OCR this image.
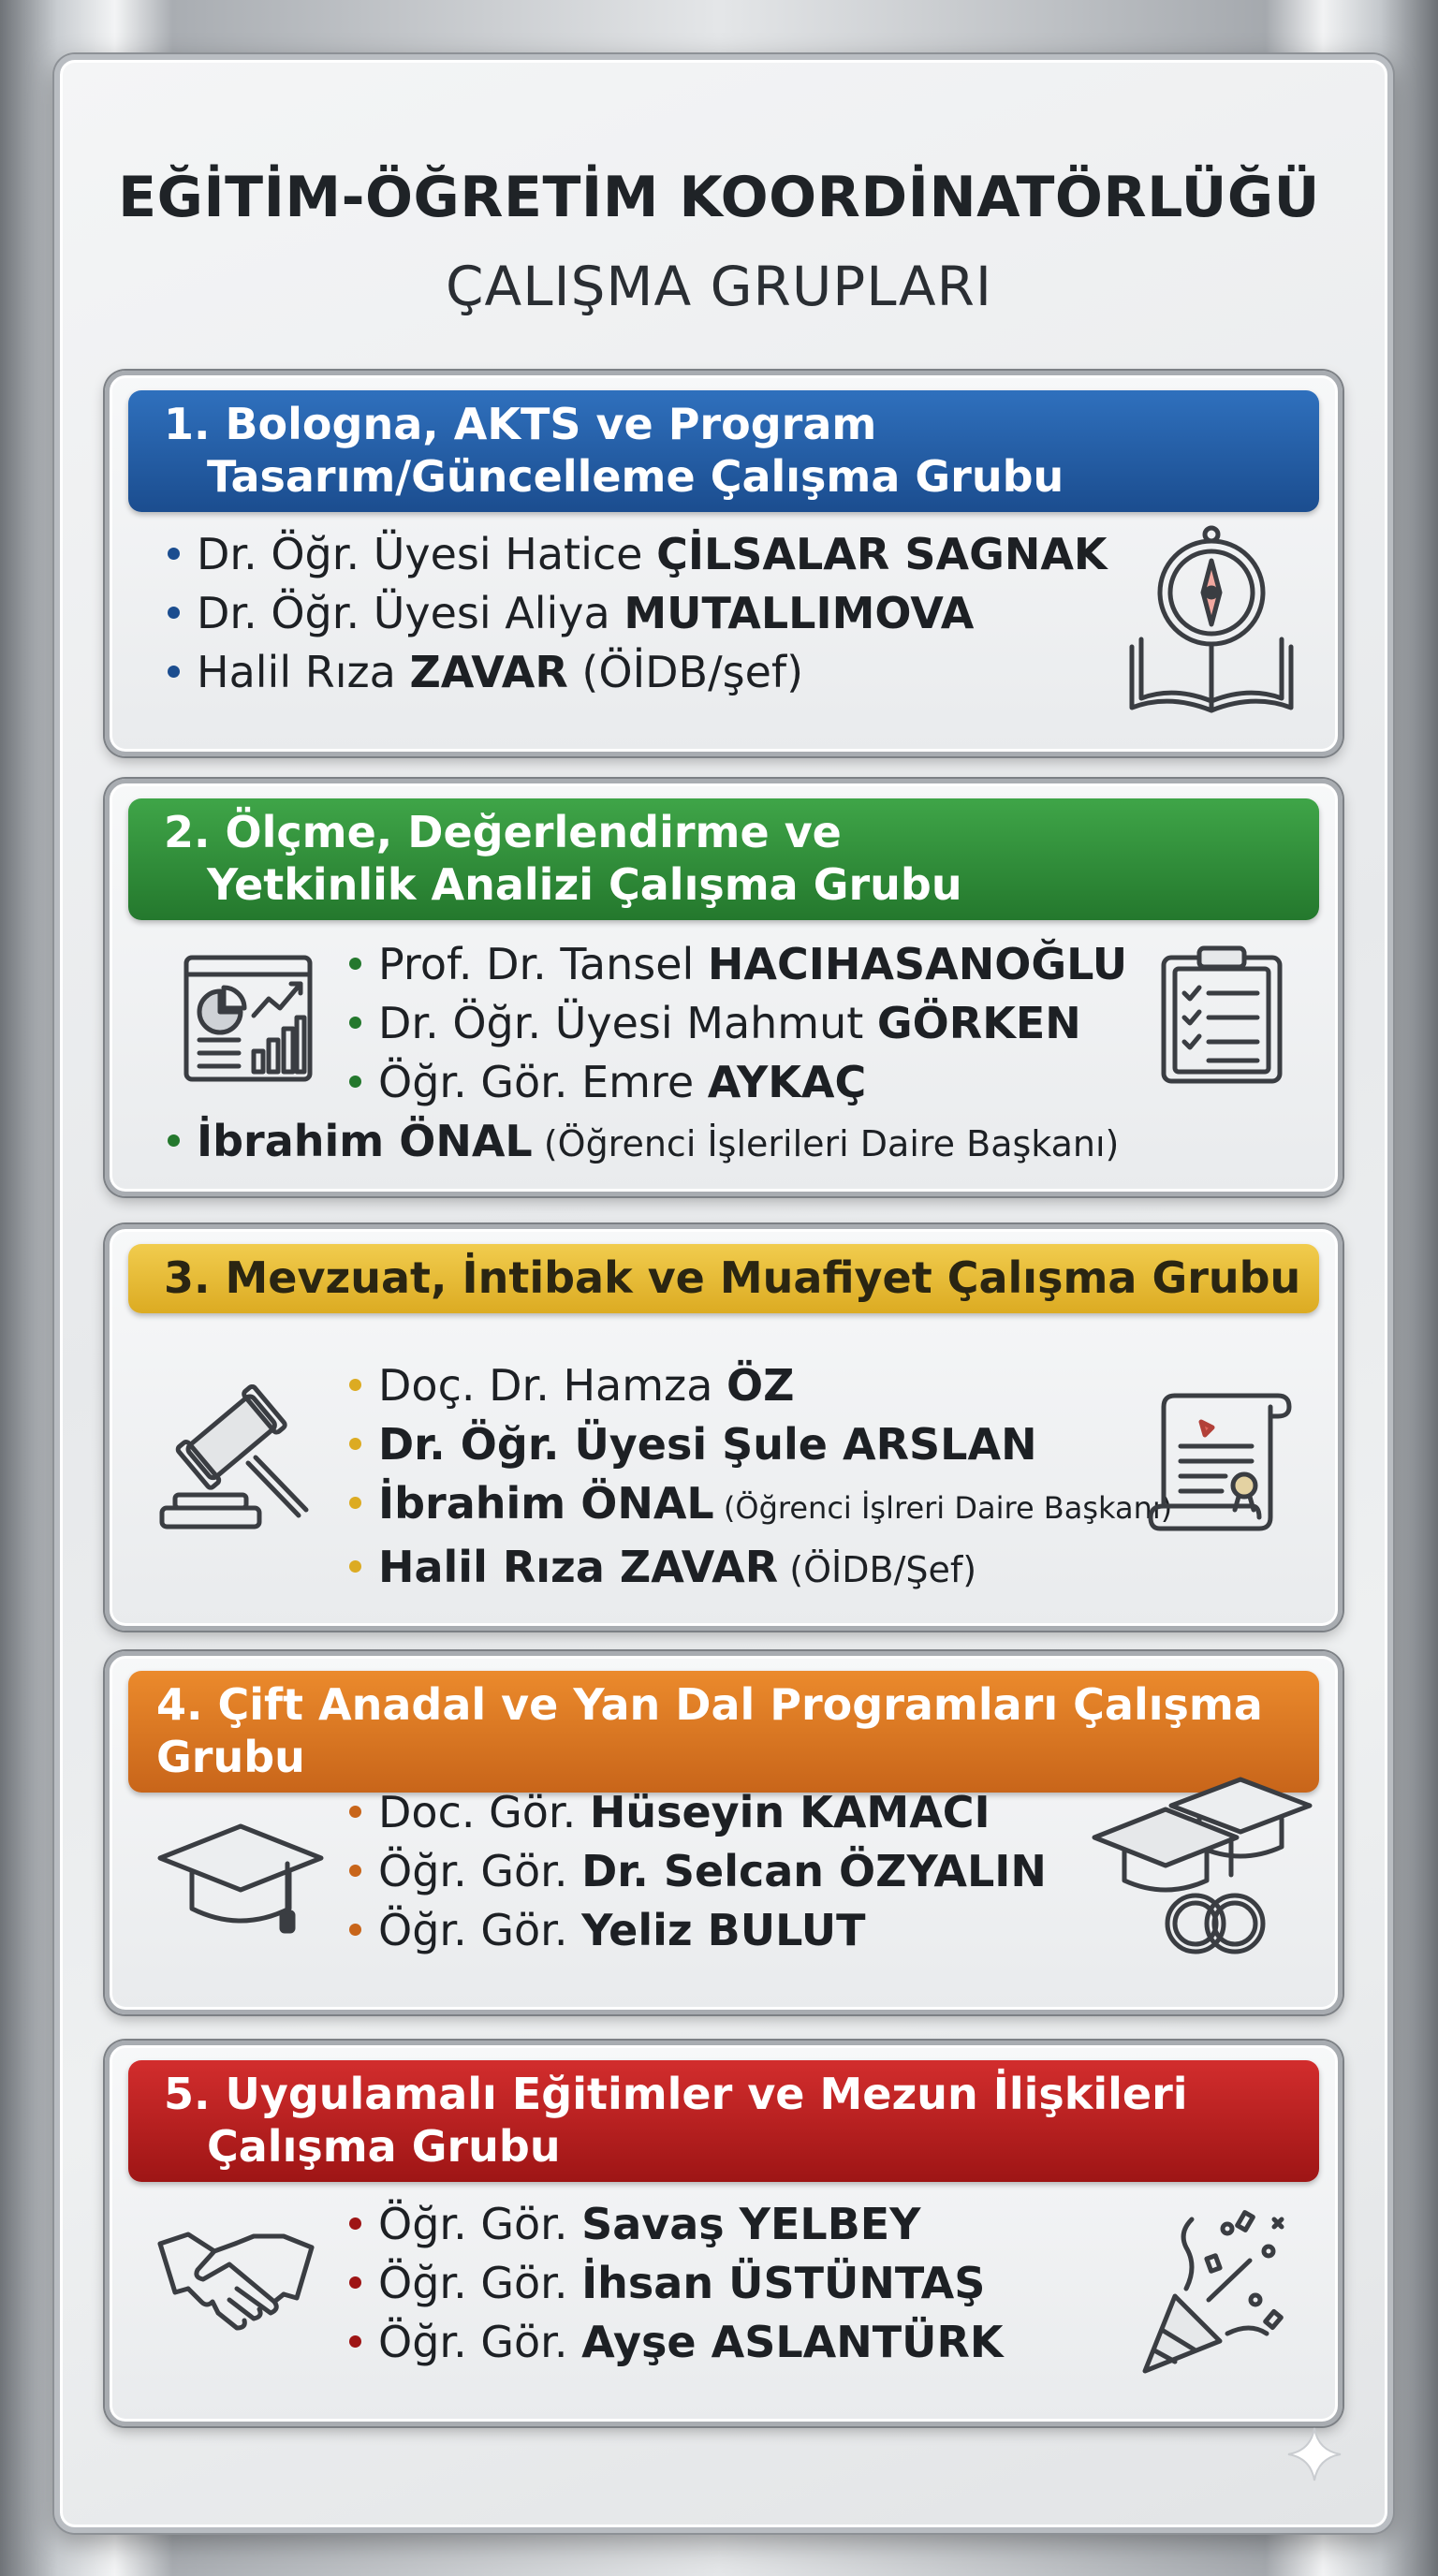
EĞİTİM-ÖĞRETİM KOORDİNATÖRLÜĞÜ
ÇALIŞMA GRUPLARI
1. Bologna, AKTS ve Program
Tasarım/Güncelleme Çalışma Grubu
Dr. Öğr. Üyesi Hatice ÇİLSALAR SAGNAK
Dr. Öğr. Üyesi Aliya MUTALLIMOVA
Halil Rıza ZAVAR (ÖİDB/şef)
2. Ölçme, Değerlendirme ve
Yetkinlik Analizi Çalışma Grubu
Prof. Dr. Tansel HACIHASANOĞLU
Dr. Öğr. Üyesi Mahmut GÖRKEN
Öğr. Gör. Emre AYKAÇ
İbrahim ÖNAL (Öğrenci İşlerileri Daire Başkanı)
3. Mevzuat, İntibak ve Muafiyet Çalışma Grubu
Doç. Dr. Hamza ÖZ
Dr. Öğr. Üyesi Şule ARSLAN
İbrahim ÖNAL (Öğrenci İşlreri Daire Başkanı)
Halil Rıza ZAVAR (ÖİDB/Şef)
4. Çift Anadal ve Yan Dal Programları Çalışma Grubu
Doc. Gör. Hüseyin KAMACI
Öğr. Gör. Dr. Selcan ÖZYALIN
Öğr. Gör. Yeliz BULUT
5. Uygulamalı Eğitimler ve Mezun İlişkileri
Çalışma Grubu
Öğr. Gör. Savaş YELBEY
Öğr. Gör. İhsan ÜSTÜNTAŞ
Öğr. Gör. Ayşe ASLANTÜRK
